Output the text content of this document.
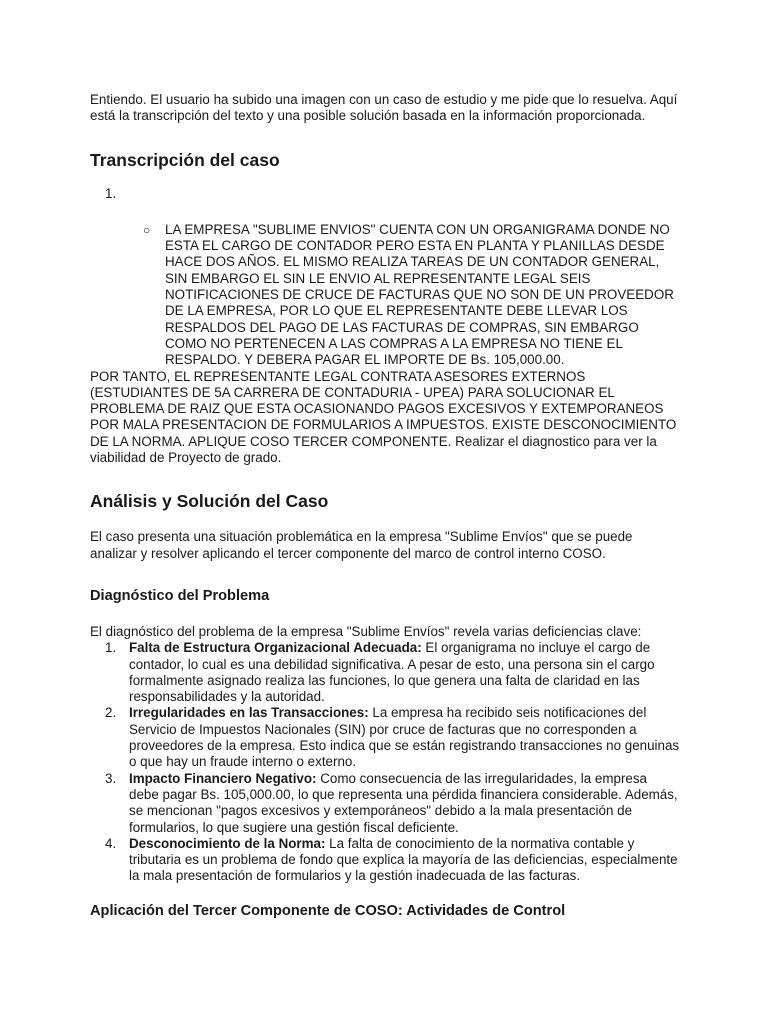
Entiendo. El usuario ha subido una imagen con un caso de estudio y me pide que lo resuelva. Aquí está la transcripción del texto y una posible solución basada en la información proporcionada.

Transcripción del caso
1.
○ LA EMPRESA "SUBLIME ENVIOS" CUENTA CON UN ORGANIGRAMA DONDE NO ESTA EL CARGO DE CONTADOR PERO ESTA EN PLANTA Y PLANILLAS DESDE HACE DOS AÑOS. EL MISMO REALIZA TAREAS DE UN CONTADOR GENERAL, SIN EMBARGO EL SIN LE ENVIO AL REPRESENTANTE LEGAL SEIS NOTIFICACIONES DE CRUCE DE FACTURAS QUE NO SON DE UN PROVEEDOR DE LA EMPRESA, POR LO QUE EL REPRESENTANTE DEBE LLEVAR LOS RESPALDOS DEL PAGO DE LAS FACTURAS DE COMPRAS, SIN EMBARGO COMO NO PERTENECEN A LAS COMPRAS A LA EMPRESA NO TIENE EL RESPALDO. Y DEBERA PAGAR EL IMPORTE DE Bs. 105,000.00.

POR TANTO, EL REPRESENTANTE LEGAL CONTRATA ASESORES EXTERNOS (ESTUDIANTES DE 5A CARRERA DE CONTADURIA - UPEA) PARA SOLUCIONAR EL PROBLEMA DE RAIZ QUE ESTA OCASIONANDO PAGOS EXCESIVOS Y EXTEMPORANEOS POR MALA PRESENTACION DE FORMULARIOS A IMPUESTOS. EXISTE DESCONOCIMIENTO DE LA NORMA. APLIQUE COSO TERCER COMPONENTE. Realizar el diagnostico para ver la viabilidad de Proyecto de grado.

Análisis y Solución del Caso

El caso presenta una situación problemática en la empresa "Sublime Envíos" que se puede analizar y resolver aplicando el tercer componente del marco de control interno COSO.

Diagnóstico del Problema

El diagnóstico del problema de la empresa "Sublime Envíos" revela varias deficiencias clave:

1. Falta de Estructura Organizacional Adecuada: El organigrama no incluye el cargo de contador, lo cual es una debilidad significativa. A pesar de esto, una persona sin el cargo formalmente asignado realiza las funciones, lo que genera una falta de claridad en las responsabilidades y la autoridad.
2. Irregularidades en las Transacciones: La empresa ha recibido seis notificaciones del Servicio de Impuestos Nacionales (SIN) por cruce de facturas que no corresponden a proveedores de la empresa. Esto indica que se están registrando transacciones no genuinas o que hay un fraude interno o externo.
3. Impacto Financiero Negativo: Como consecuencia de las irregularidades, la empresa debe pagar Bs. 105,000.00, lo que representa una pérdida financiera considerable. Además, se mencionan "pagos excesivos y extemporáneos" debido a la mala presentación de formularios, lo que sugiere una gestión fiscal deficiente.
4. Desconocimiento de la Norma: La falta de conocimiento de la normativa contable y tributaria es un problema de fondo que explica la mayoría de las deficiencias, especialmente la mala presentación de formularios y la gestión inadecuada de las facturas.
Aplicación del Tercer Componente de COSO: Actividades de Control
